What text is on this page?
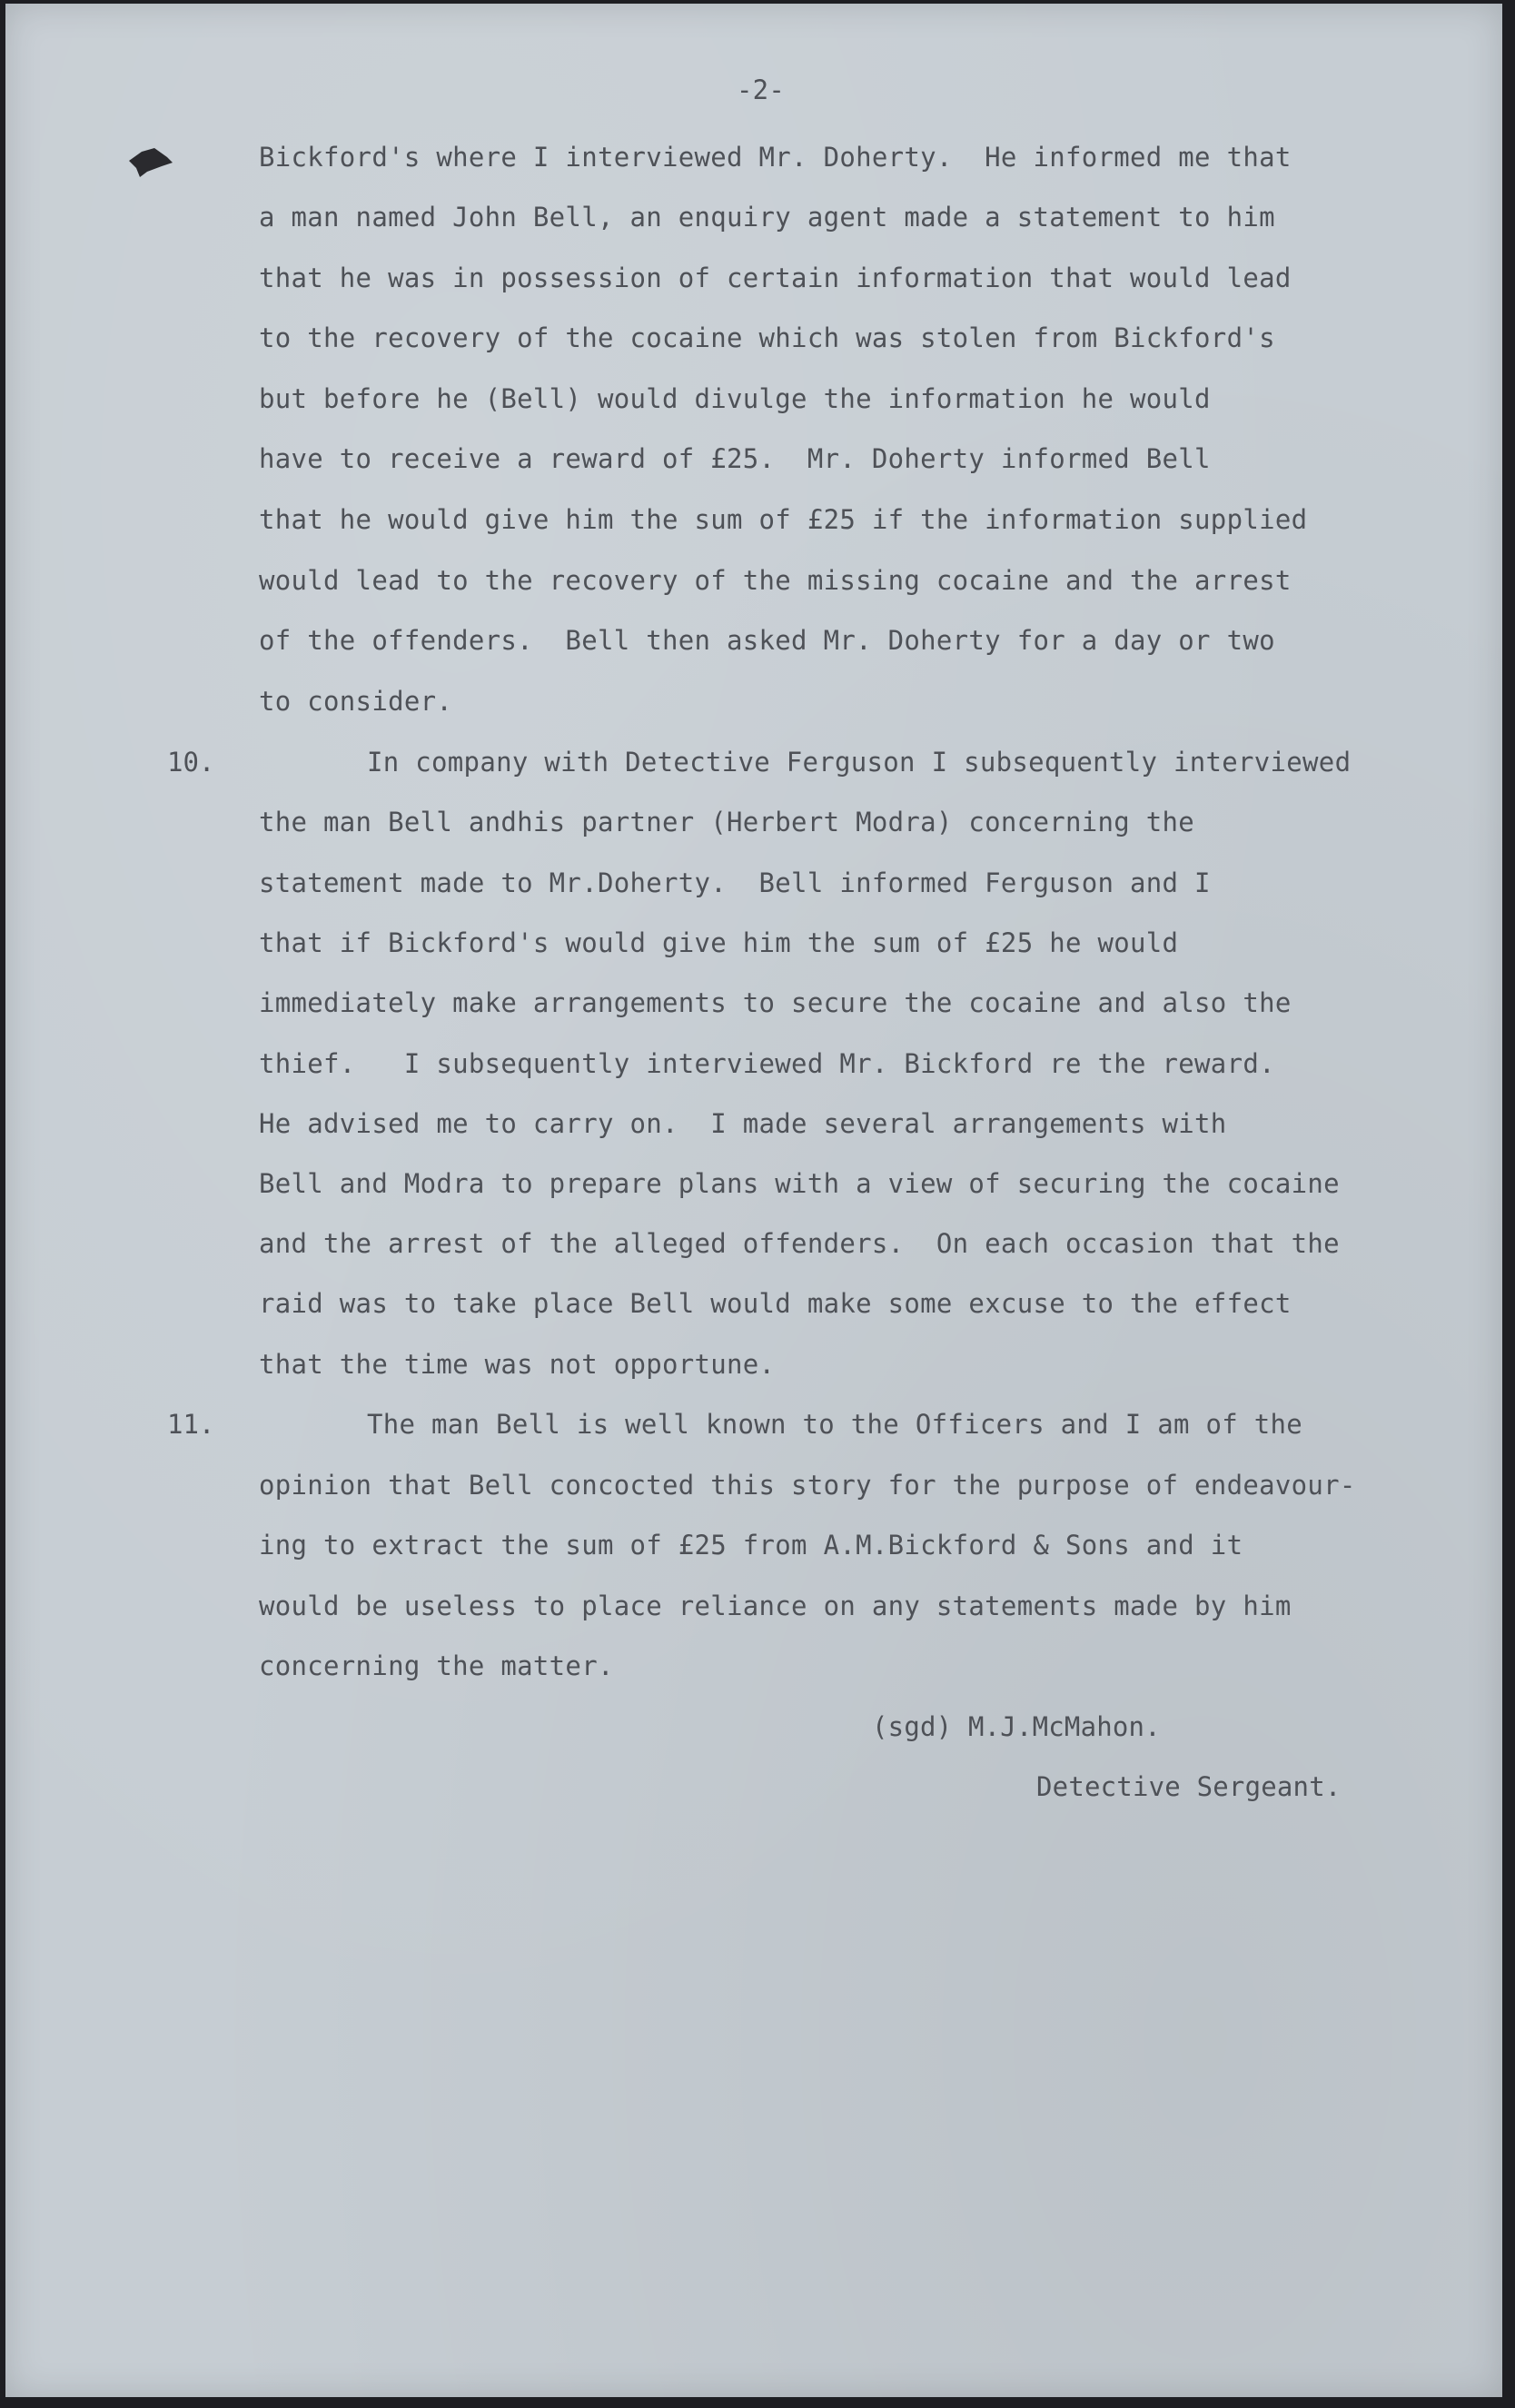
-2-
Bickford's where I interviewed Mr. Doherty.  He informed me that
a man named John Bell, an enquiry agent made a statement to him
that he was in possession of certain information that would lead
to the recovery of the cocaine which was stolen from Bickford's
but before he (Bell) would divulge the information he would
have to receive a reward of £25.  Mr. Doherty informed Bell
that he would give him the sum of £25 if the information supplied
would lead to the recovery of the missing cocaine and the arrest
of the offenders.  Bell then asked Mr. Doherty for a day or two
to consider.
10.	In company with Detective Ferguson I subsequently interviewed
the man Bell andhis partner (Herbert Modra) concerning the
statement made to Mr.Doherty.  Bell informed Ferguson and I
that if Bickford's would give him the sum of £25 he would
immediately make arrangements to secure the cocaine and also the
thief.   I subsequently interviewed Mr. Bickford re the reward.
He advised me to carry on.  I made several arrangements with
Bell and Modra to prepare plans with a view of securing the cocaine
and the arrest of the alleged offenders.  On each occasion that the
raid was to take place Bell would make some excuse to the effect
that the time was not opportune.
11.	The man Bell is well known to the Officers and I am of the
opinion that Bell concocted this story for the purpose of endeavour-
ing to extract the sum of £25 from A.M.Bickford & Sons and it
would be useless to place reliance on any statements made by him
concerning the matter.
(sgd) M.J.McMahon.
Detective Sergeant.
